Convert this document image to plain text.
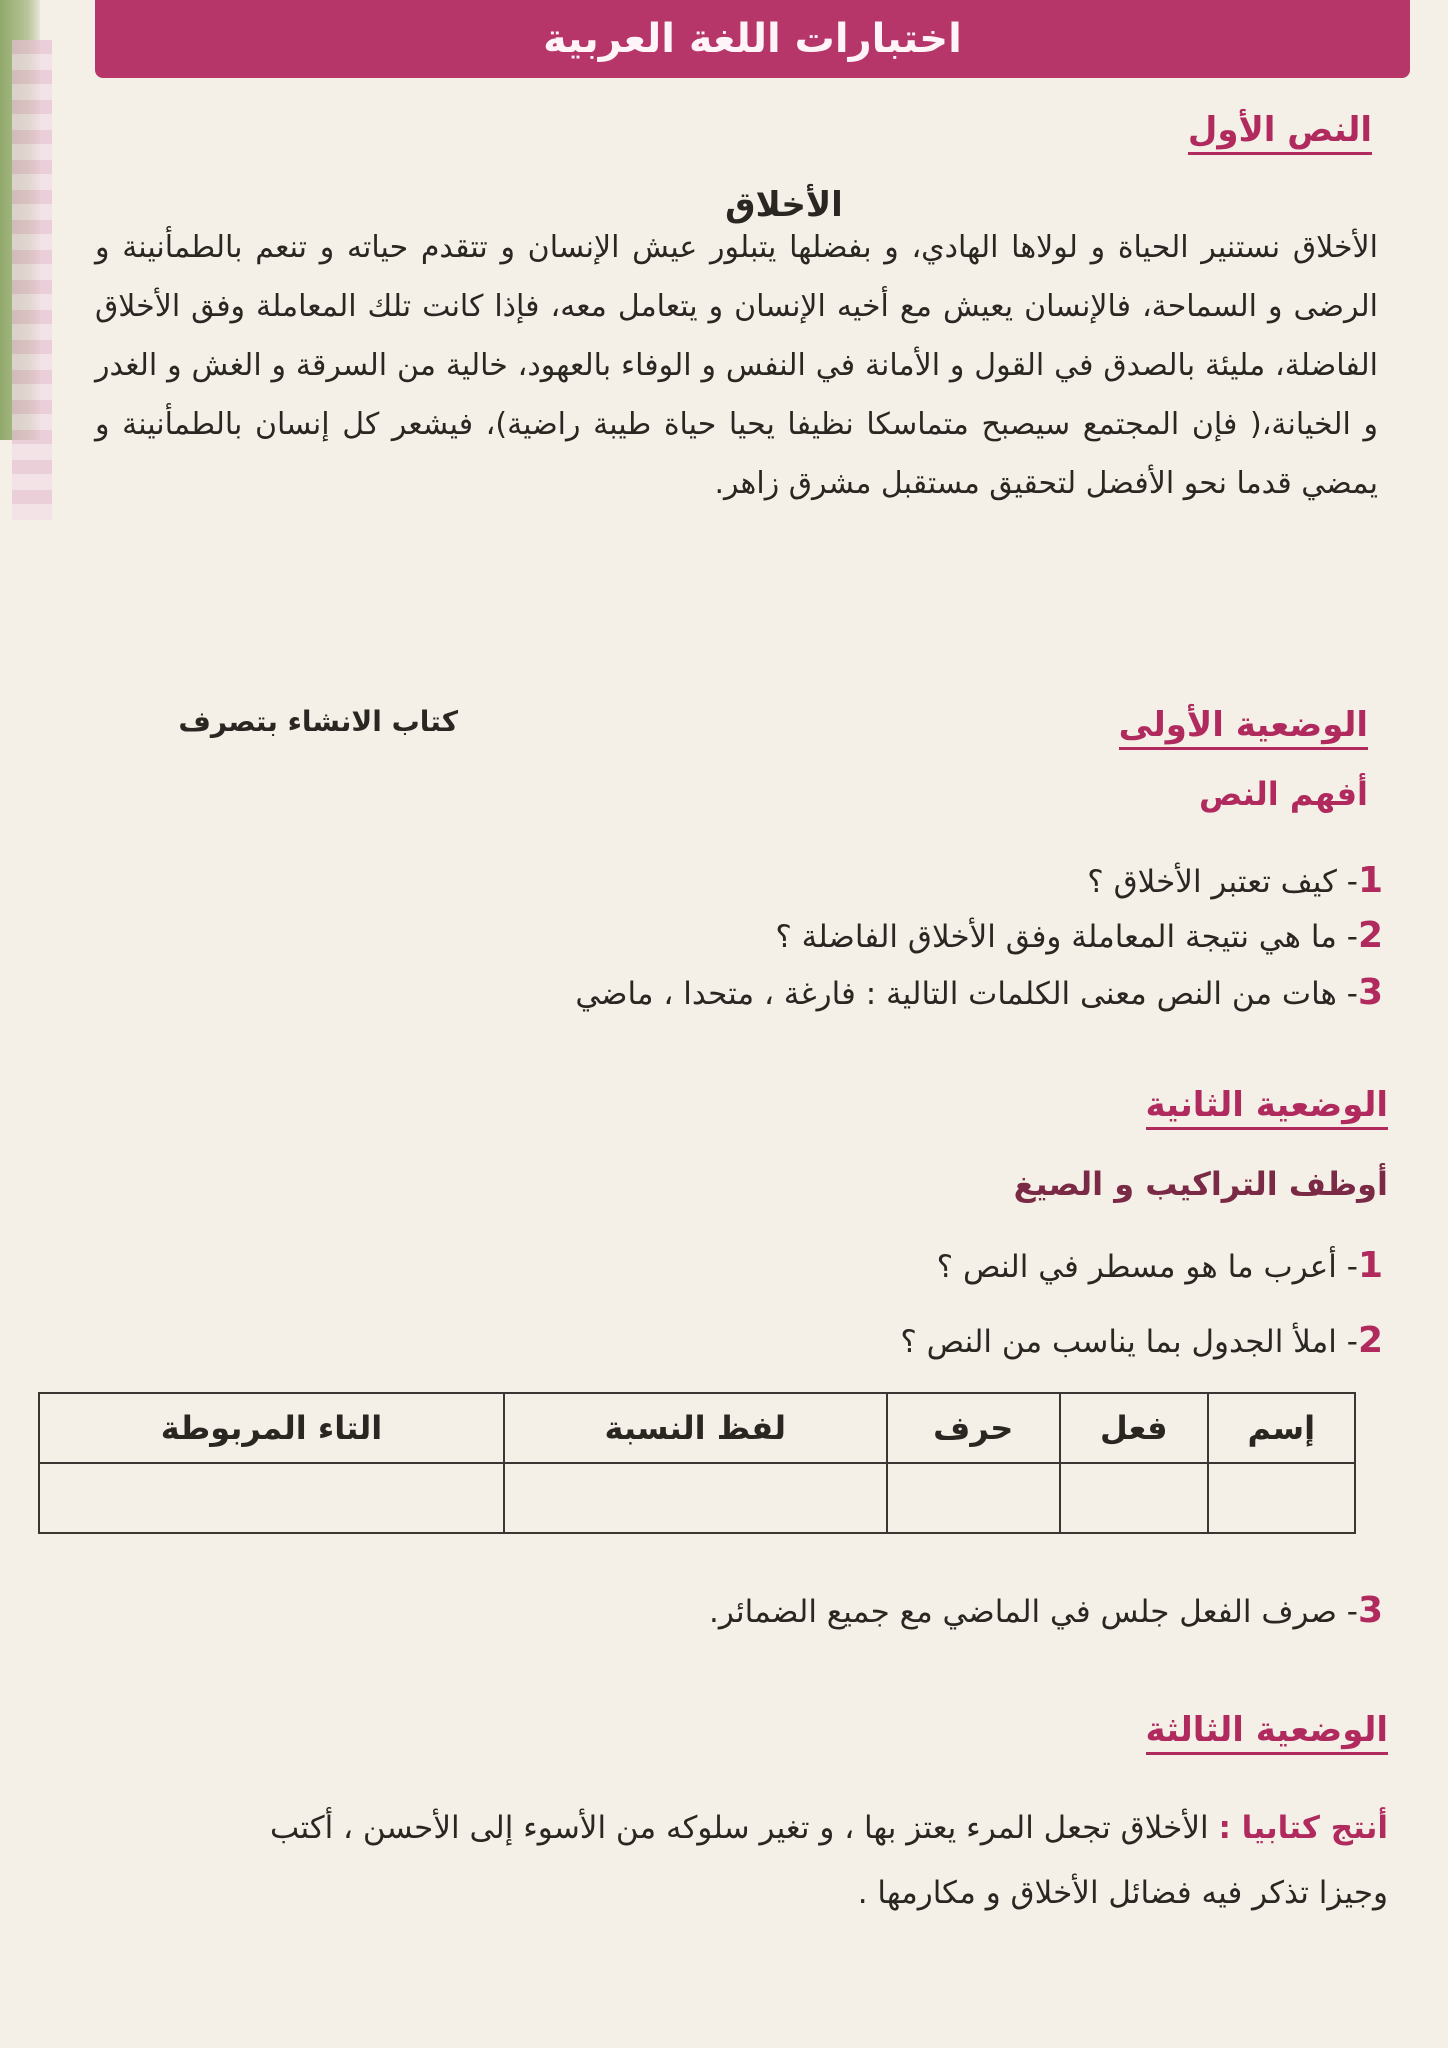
اختبارات اللغة العربية
النص الأول
الأخلاق
الأخلاق نستنير الحياة و لولاها الهادي، و بفضلها يتبلور عيش الإنسان و تتقدم حياته و تنعم بالطمأنينة و الرضى و السماحة، فالإنسان يعيش مع أخيه الإنسان و يتعامل معه، فإذا كانت تلك المعاملة وفق الأخلاق الفاضلة، مليئة بالصدق في القول و الأمانة في النفس و الوفاء بالعهود، خالية من السرقة و الغش و الغدر و الخيانة،( فإن المجتمع سيصبح متماسكا نظيفا يحيا حياة طيبة راضية)، فيشعر كل إنسان بالطمأنينة و يمضي قدما نحو الأفضل لتحقيق مستقبل مشرق زاهر.
كتاب الانشاء بتصرف	الوضعية الأولى
أفهم النص
1- كيف تعتبر الأخلاق ؟
2- ما هي نتيجة المعاملة وفق الأخلاق الفاضلة ؟
3- هات من النص معنى الكلمات التالية : فارغة ، متحدا ، ماضي
الوضعية الثانية
أوظف التراكيب و الصيغ
1- أعرب ما هو مسطر في النص ؟
2- املأ الجدول بما يناسب من النص ؟
إسم	فعل	حرف	لفظ النسبة	التاء المربوطة

3- صرف الفعل جلس في الماضي مع جميع الضمائر.
الوضعية الثالثة
أنتج كتابيا : الأخلاق تجعل المرء يعتز بها ، و تغير سلوكه من الأسوء إلى الأحسن ، أكتب
وجيزا تذكر فيه فضائل الأخلاق و مكارمها .
